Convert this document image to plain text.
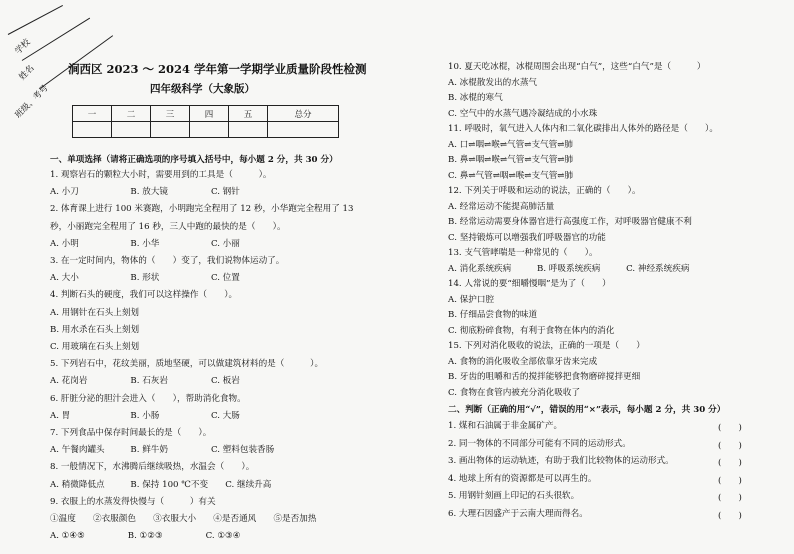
学校
姓名
班级、考号
涧西区 2023 ～ 2024 学年第一学期学业质量阶段性检测
四年级科学（大象版）
一	二	三	四	五	总分

一、单项选择（请将正确选项的序号填入括号中，每小题 2 分，共 30 分）
1. 观察岩石的颗粒大小时，需要用到的工具是（　　　）。
A. 小刀　　　　　　B. 放大镜　　　　　C. 钢针
2. 体育课上进行 100 米赛跑，小明跑完全程用了 12 秒，小华跑完全程用了 13
秒，小丽跑完全程用了 16 秒，三人中跑的最快的是（　　）。
A. 小明　　　　　　B. 小华　　　　　　C. 小丽
3. 在一定时间内，物体的（　　）变了，我们说物体运动了。
A. 大小　　　　　　B. 形状　　　　　　C. 位置
4. 判断石头的硬度，我们可以这样操作（　　）。
A. 用钢针在石头上刻划
B. 用水杀在石头上刻划
C. 用玻璃在石头上刻划
5. 下列岩石中，花纹美丽，质地坚硬，可以做建筑材料的是（　　　）。
A. 花岗岩　　　　　B. 石灰岩　　　　　C. 板岩
6. 肝脏分泌的胆汁会进入（　　），帮助消化食物。
A. 胃　　　　　　　B. 小肠　　　　　　C. 大肠
7. 下列食品中保存时间最长的是（　　）。
A. 午餐肉罐头　　　B. 鲜牛奶　　　　　C. 塑料包装香肠
8. 一般情况下，水沸腾后继续吸热，水温会（　　）。
A. 稍微降低点　　　B. 保持 100 ℃不变　　C. 继续升高
9. 衣服上的水蒸发得快慢与（　　　）有关
①温度　　②衣服颜色　　③衣服大小　　④是否通风　　⑤是否加热
A. ①④⑤　　　　　B. ①②③　　　　　C. ①③④
10. 夏天吃冰棍，冰棍周围会出现“白气”，这些“白气”是（　　　）
A. 冰棍散发出的水蒸气
B. 冰棍的寒气
C. 空气中的水蒸气遇冷凝结成的小水珠
11. 呼吸时，氧气进入人体内和二氧化碳排出人体外的路径是（　　）。
A. 口⇌咽⇌喉⇌气管⇌支气管⇌肺
B. 鼻⇌咽⇌喉⇌气管⇌支气管⇌肺
C. 鼻⇌气管⇌咽⇌喉⇌支气管⇌肺
12. 下列关于呼吸和运动的说法，正确的（　　）。
A. 经常运动不能提高肺活量
B. 经常运动需要身体器官进行高强度工作，对呼吸器官健康不利
C. 坚持锻炼可以增强我们呼吸器官的功能
13. 支气管哮喘是一种常见的（　　）。
A. 消化系统疾病　　　B. 呼吸系统疾病　　　C. 神经系统疾病
14. 人常说的要“细嚼慢咽”是为了（　　）
A. 保护口腔
B. 仔细品尝食物的味道
C. 彻底粉碎食物，有利于食物在体内的消化
15. 下列对消化吸收的说法，正确的一项是（　　）
A. 食物的消化吸收全部依靠牙齿来完成
B. 牙齿的咀嚼和舌的搅拌能够把食物磨碎搅拌更细
C. 食物在食管内被充分消化吸收了
二、判断（正确的用“√”，错误的用“×”表示，每小题 2 分，共 30 分）
1. 煤和石油属于非金属矿产。	(　　)
2. 同一物体的不同部分可能有不同的运动形式。	(　　)
3. 画出物体的运动轨迹，有助于我们比较物体的运动形式。	(　　)
4. 地球上所有的资源都是可以再生的。	(　　)
5. 用钢针刻画上印记的石头很软。	(　　)
6. 大理石因盛产于云南大理而得名。	(　　)
